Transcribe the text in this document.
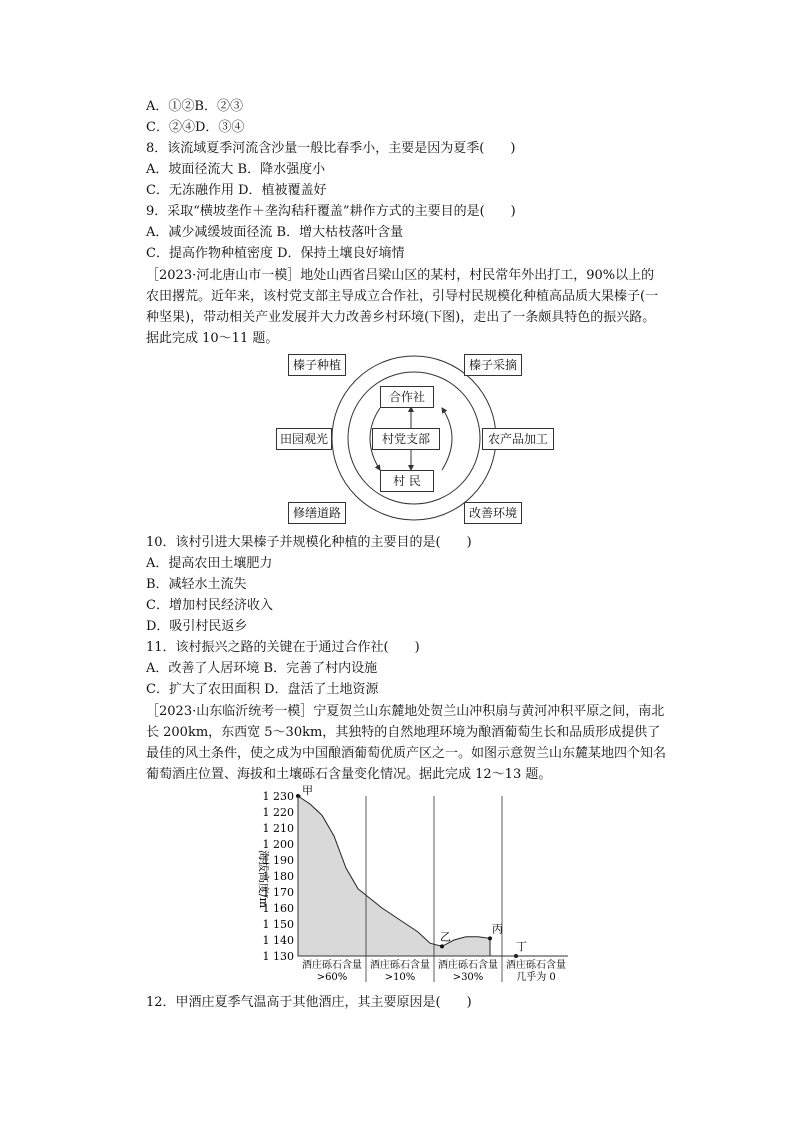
A．①②B．②③
C．②④D．③④
8．该流域夏季河流含沙量一般比春季小，主要是因为夏季(　　)
A．坡面径流大 B．降水强度小
C．无冻融作用 D．植被覆盖好
9．采取“横坡垄作＋垄沟秸秆覆盖”耕作方式的主要目的是(　　)
A．减少减缓坡面径流 B．增大枯枝落叶含量
C．提高作物种植密度 D．保持土壤良好墒情
［2023·河北唐山市一模］地处山西省吕梁山区的某村，村民常年外出打工，90%以上的农田撂荒。近年来，该村党支部主导成立合作社，引导村民规模化种植高品质大果榛子(一种坚果)，带动相关产业发展并大力改善乡村环境(下图)，走出了一条颇具特色的振兴路。据此完成 10～11 题。
榛子种植	榛子采摘
田园观光	农产品加工
修缮道路	改善环境
合作社
村党支部
村 民
10．该村引进大果榛子并规模化种植的主要目的是(　　)
A．提高农田土壤肥力
B．减轻水土流失
C．增加村民经济收入
D．吸引村民返乡
11．该村振兴之路的关键在于通过合作社(　　)
A．改善了人居环境 B．完善了村内设施
C．扩大了农田面积 D．盘活了土地资源
［2023·山东临沂统考一模］宁夏贺兰山东麓地处贺兰山冲积扇与黄河冲积平原之间，南北长 200km，东西宽 5～30km，其独特的自然地理环境为酿酒葡萄生长和品质形成提供了最佳的风土条件，使之成为中国酿酒葡萄优质产区之一。如图示意贺兰山东麓某地四个知名葡萄酒庄位置、海拔和土壤砾石含量变化情况。据此完成 12～13 题。
海拔高度/m
1 230
1 220
1 210
1 200
1 190
1 180
1 170
1 160
1 150
1 140
1 130
甲
乙
丙
丁
酒庄砾石含量
>60%
酒庄砾石含量
>10%
酒庄砾石含量
>30%
酒庄砾石含量
几乎为 0
12．甲酒庄夏季气温高于其他酒庄，其主要原因是(　　)
